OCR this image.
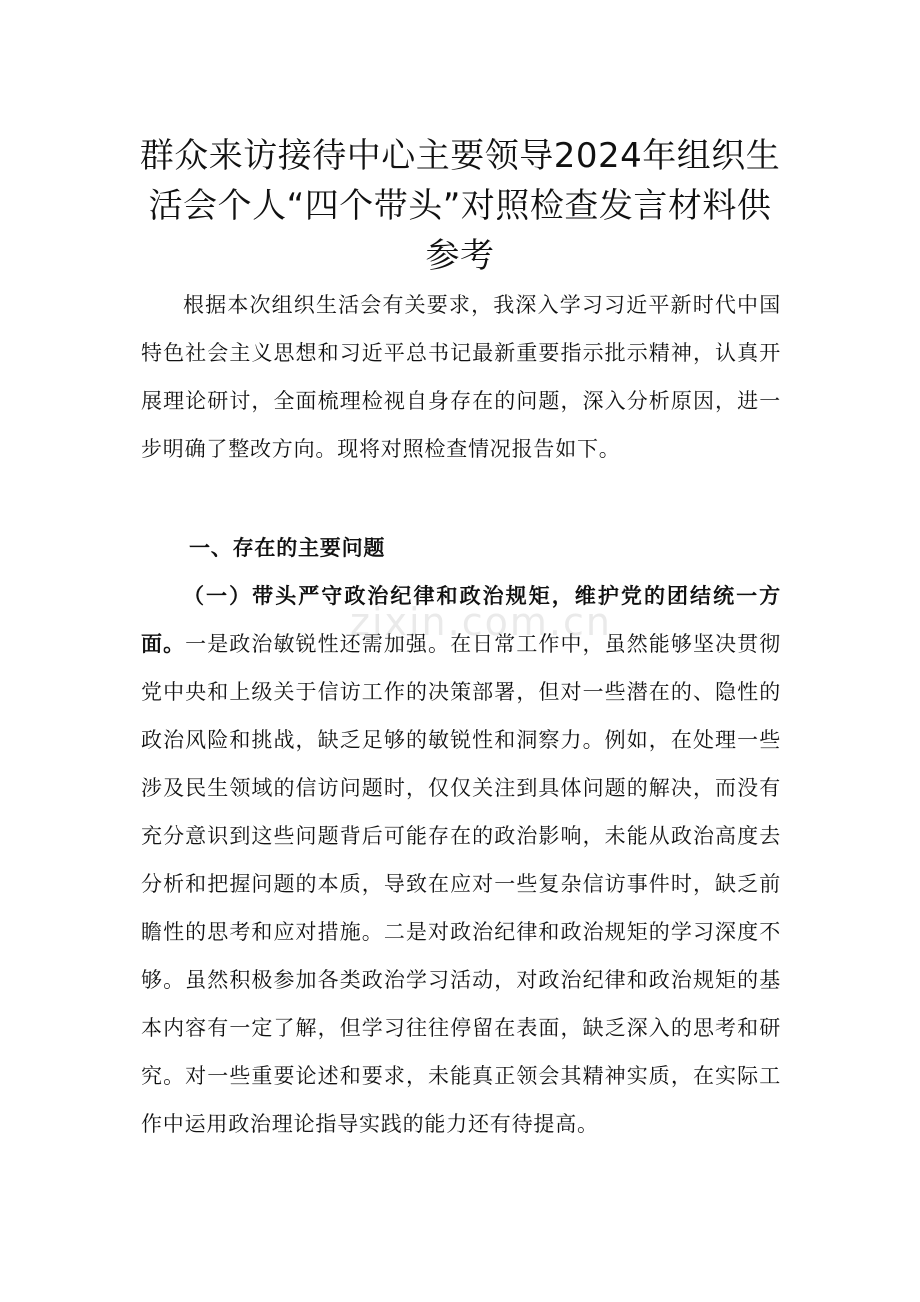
群众来访接待中心主要领导2024年组织生活会个人“四个带头”对照检查发言材料供参考

根据本次组织生活会有关要求，我深入学习习近平新时代中国特色社会主义思想和习近平总书记最新重要指示批示精神，认真开展理论研讨，全面梳理检视自身存在的问题，深入分析原因，进一步明确了整改方向。现将对照检查情况报告如下。

一、存在的主要问题

（一）带头严守政治纪律和政治规矩，维护党的团结统一方面。一是政治敏锐性还需加强。在日常工作中，虽然能够坚决贯彻党中央和上级关于信访工作的决策部署，但对一些潜在的、隐性的政治风险和挑战，缺乏足够的敏锐性和洞察力。例如，在处理一些涉及民生领域的信访问题时，仅仅关注到具体问题的解决，而没有充分意识到这些问题背后可能存在的政治影响，未能从政治高度去分析和把握问题的本质，导致在应对一些复杂信访事件时，缺乏前瞻性的思考和应对措施。二是对政治纪律和政治规矩的学习深度不够。虽然积极参加各类政治学习活动，对政治纪律和政治规矩的基本内容有一定了解，但学习往往停留在表面，缺乏深入的思考和研究。对一些重要论述和要求，未能真正领会其精神实质，在实际工作中运用政治理论指导实践的能力还有待提高。

zixin.com.cn
